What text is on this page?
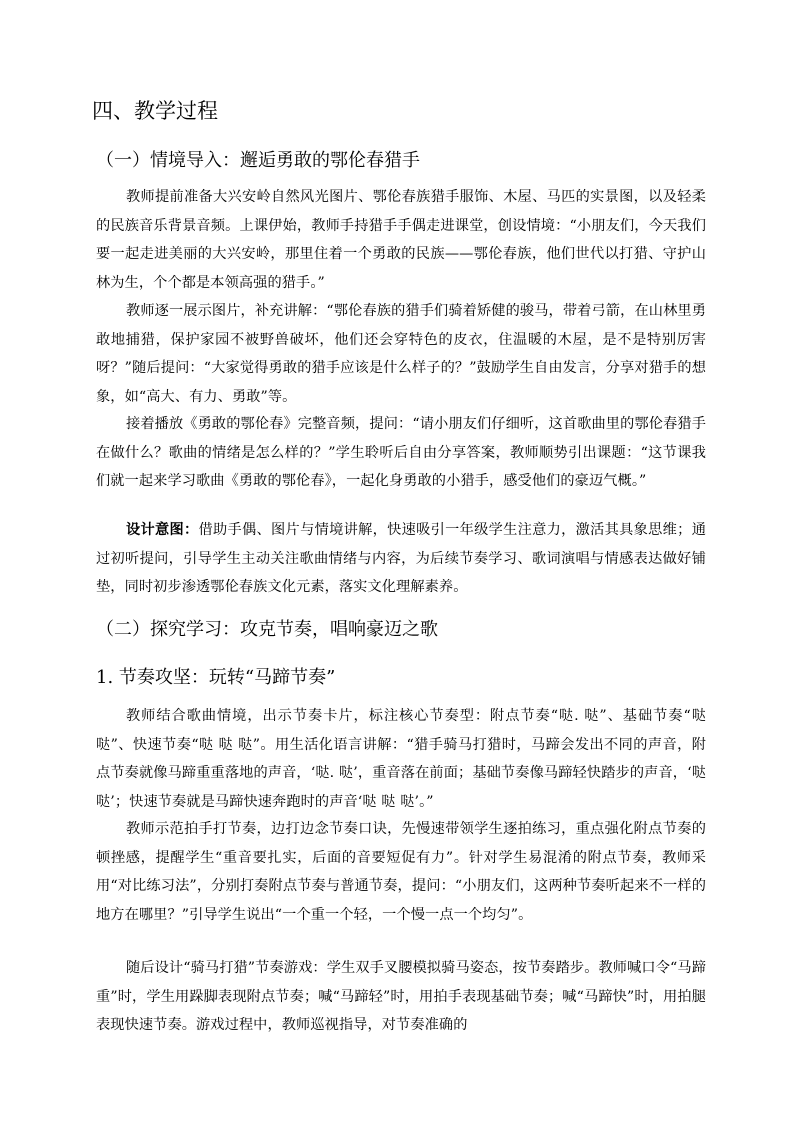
四、教学过程
（一）情境导入：邂逅勇敢的鄂伦春猎手

教师提前准备大兴安岭自然风光图片、鄂伦春族猎手服饰、木屋、马匹的实景图，以及轻柔的民族音乐背景音频。上课伊始，教师手持猎手手偶走进课堂，创设情境：“小朋友们，今天我们要一起走进美丽的大兴安岭，那里住着一个勇敢的民族——鄂伦春族，他们世代以打猎、守护山林为生，个个都是本领高强的猎手。”

教师逐一展示图片，补充讲解：“鄂伦春族的猎手们骑着矫健的骏马，带着弓箭，在山林里勇敢地捕猎，保护家园不被野兽破坏，他们还会穿特色的皮衣，住温暖的木屋，是不是特别厉害呀？”随后提问：“大家觉得勇敢的猎手应该是什么样子的？”鼓励学生自由发言，分享对猎手的想象，如“高大、有力、勇敢”等。

接着播放《勇敢的鄂伦春》完整音频，提问：“请小朋友们仔细听，这首歌曲里的鄂伦春猎手在做什么？歌曲的情绪是怎么样的？”学生聆听后自由分享答案，教师顺势引出课题：“这节课我们就一起来学习歌曲《勇敢的鄂伦春》，一起化身勇敢的小猎手，感受他们的豪迈气概。”

设计意图：借助手偶、图片与情境讲解，快速吸引一年级学生注意力，激活其具象思维；通过初听提问，引导学生主动关注歌曲情绪与内容，为后续节奏学习、歌词演唱与情感表达做好铺垫，同时初步渗透鄂伦春族文化元素，落实文化理解素养。

（二）探究学习：攻克节奏，唱响豪迈之歌
1. 节奏攻坚：玩转“马蹄节奏”

教师结合歌曲情境，出示节奏卡片，标注核心节奏型：附点节奏“哒. 哒”、基础节奏“哒 哒”、快速节奏“哒 哒 哒”。用生活化语言讲解：“猎手骑马打猎时，马蹄会发出不同的声音，附点节奏就像马蹄重重落地的声音，‘哒. 哒’，重音落在前面；基础节奏像马蹄轻快踏步的声音，‘哒 哒’；快速节奏就是马蹄快速奔跑时的声音‘哒 哒 哒’。”

教师示范拍手打节奏，边打边念节奏口诀，先慢速带领学生逐拍练习，重点强化附点节奏的顿挫感，提醒学生“重音要扎实，后面的音要短促有力”。针对学生易混淆的附点节奏，教师采用“对比练习法”，分别打奏附点节奏与普通节奏，提问：“小朋友们，这两种节奏听起来不一样的地方在哪里？”引导学生说出“一个重一个轻，一个慢一点一个均匀”。

随后设计“骑马打猎”节奏游戏：学生双手叉腰模拟骑马姿态，按节奏踏步。教师喊口令“马蹄重”时，学生用跺脚表现附点节奏；喊“马蹄轻”时，用拍手表现基础节奏；喊“马蹄快”时，用拍腿表现快速节奏。游戏过程中，教师巡视指导，对节奏准确的
